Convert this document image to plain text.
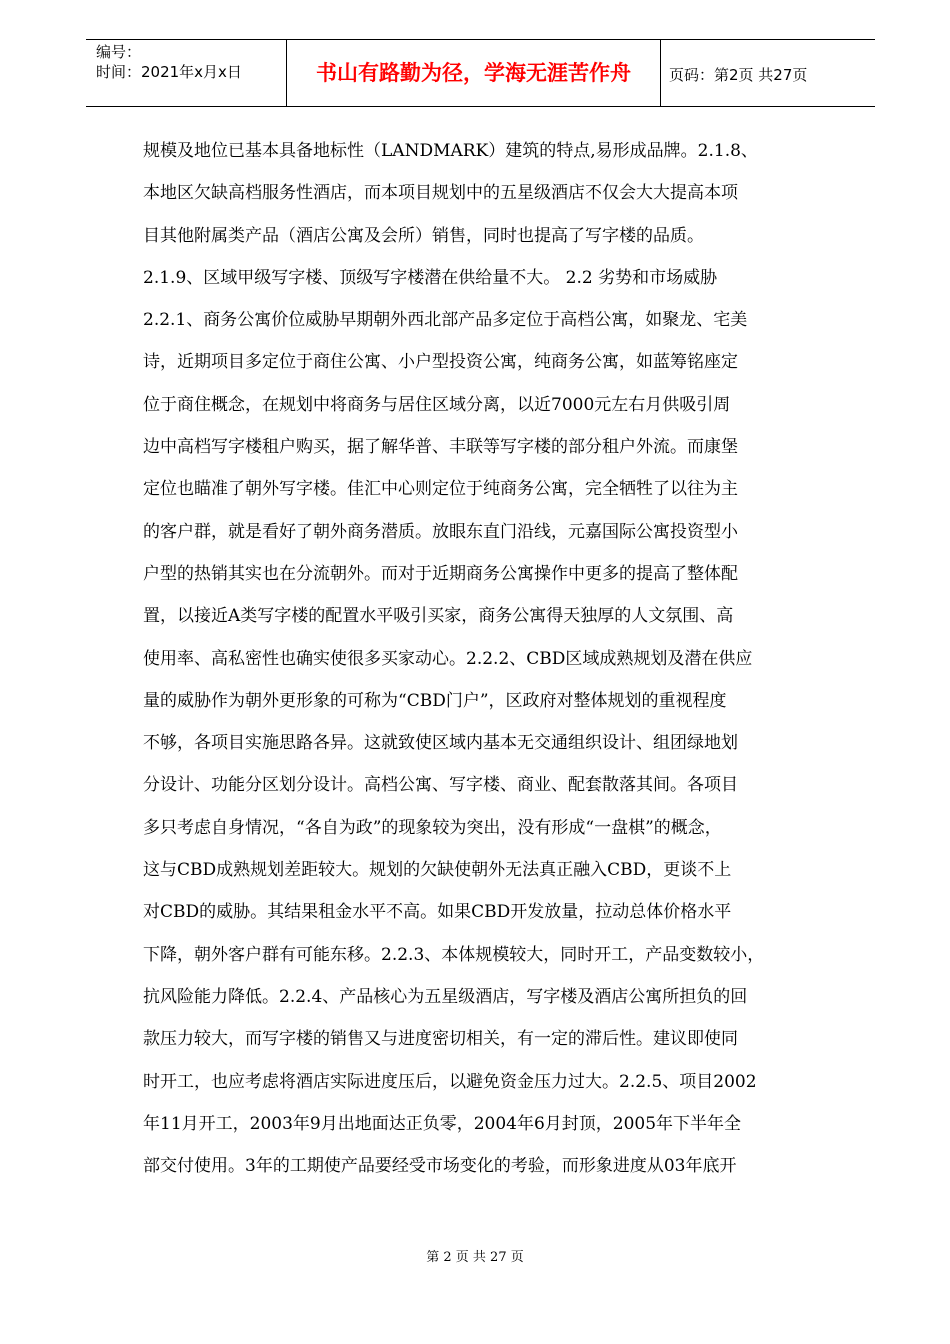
编号：
时间：2021年x月x日	书山有路勤为径，学海无涯苦作舟	页码：第2页 共27页
规模及地位已基本具备地标性（LANDMARK）建筑的特点,易形成品牌。2.1.8、
本地区欠缺高档服务性酒店，而本项目规划中的五星级酒店不仅会大大提高本项
目其他附属类产品（酒店公寓及会所）销售，同时也提高了写字楼的品质。
2.1.9、区域甲级写字楼、顶级写字楼潜在供给量不大。 2.2 劣势和市场威胁
2.2.1、商务公寓价位威胁早期朝外西北部产品多定位于高档公寓，如聚龙、宅美
诗，近期项目多定位于商住公寓、小户型投资公寓，纯商务公寓，如蓝筹铭座定
位于商住概念，在规划中将商务与居住区域分离，以近7000元左右月供吸引周
边中高档写字楼租户购买，据了解华普、丰联等写字楼的部分租户外流。而康堡
定位也瞄准了朝外写字楼。佳汇中心则定位于纯商务公寓，完全牺牲了以往为主
的客户群，就是看好了朝外商务潜质。放眼东直门沿线，元嘉国际公寓投资型小
户型的热销其实也在分流朝外。而对于近期商务公寓操作中更多的提高了整体配
置，以接近A类写字楼的配置水平吸引买家，商务公寓得天独厚的人文氛围、高
使用率、高私密性也确实使很多买家动心。2.2.2、CBD区域成熟规划及潜在供应
量的威胁作为朝外更形象的可称为“CBD门户”，区政府对整体规划的重视程度
不够，各项目实施思路各异。这就致使区域内基本无交通组织设计、组团绿地划
分设计、功能分区划分设计。高档公寓、写字楼、商业、配套散落其间。各项目
多只考虑自身情况，“各自为政”的现象较为突出，没有形成“一盘棋”的概念，
这与CBD成熟规划差距较大。规划的欠缺使朝外无法真正融入CBD，更谈不上
对CBD的威胁。其结果租金水平不高。如果CBD开发放量，拉动总体价格水平
下降，朝外客户群有可能东移。2.2.3、本体规模较大，同时开工，产品变数较小，
抗风险能力降低。2.2.4、产品核心为五星级酒店，写字楼及酒店公寓所担负的回
款压力较大，而写字楼的销售又与进度密切相关，有一定的滞后性。建议即使同
时开工，也应考虑将酒店实际进度压后，以避免资金压力过大。2.2.5、项目2002
年11月开工，2003年9月出地面达正负零，2004年6月封顶，2005年下半年全
部交付使用。3年的工期使产品要经受市场变化的考验，而形象进度从03年底开
第 2 页 共 27 页
